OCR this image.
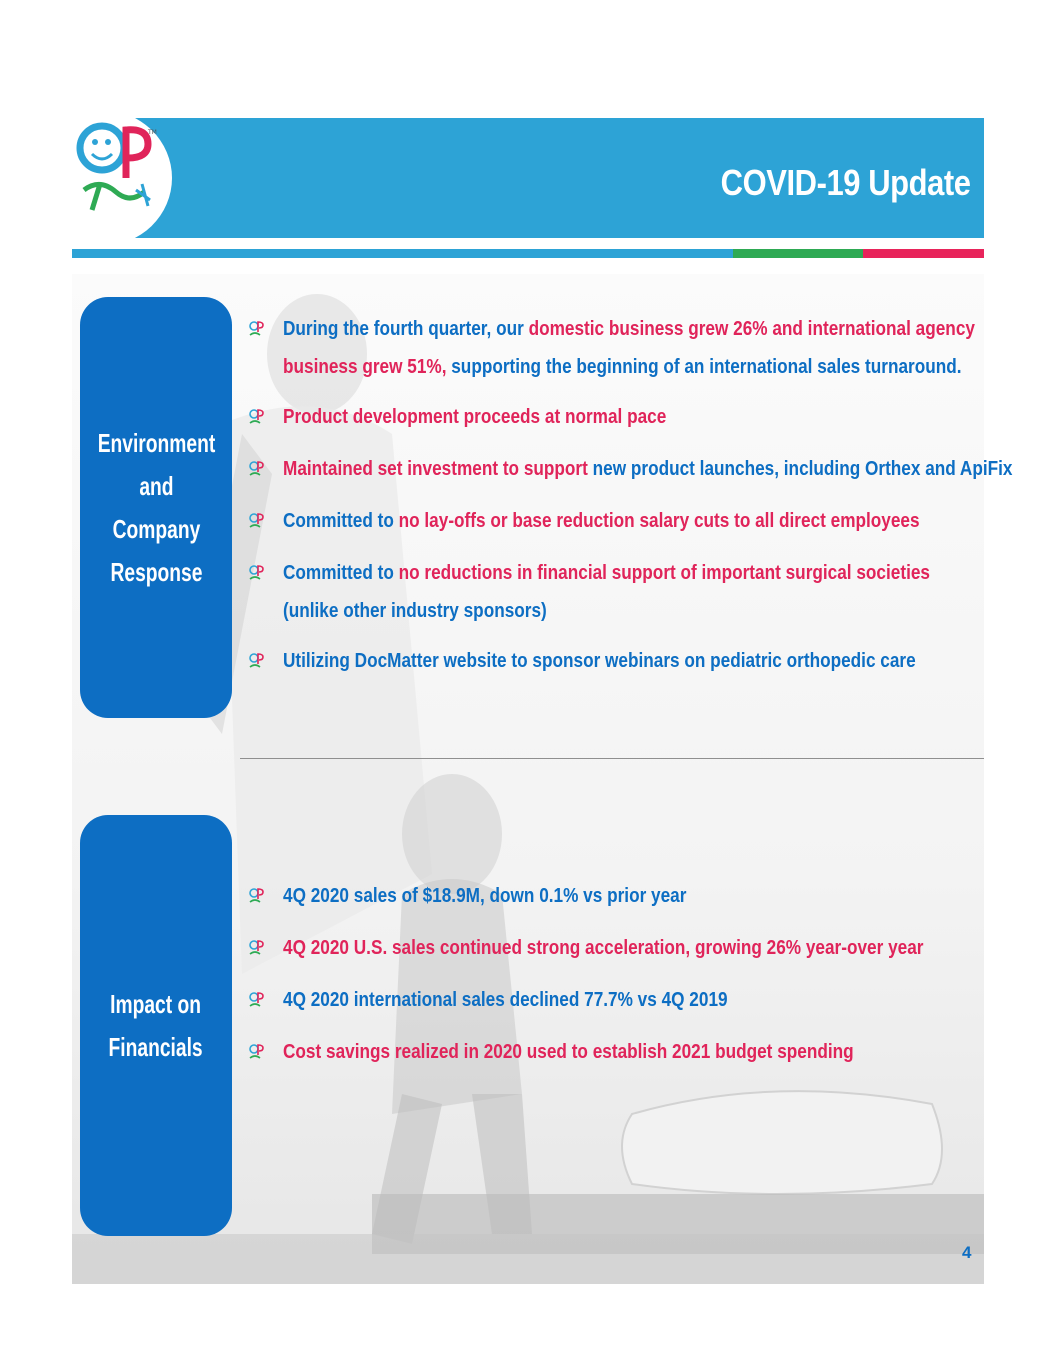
TM
COVID-19 Update
Environment
and
Company
Response
Impact on
Financials
During the fourth quarter, our domestic business grew 26% and international agency
business grew 51%, supporting the beginning of an international sales turnaround.
Product development proceeds at normal pace
Maintained set investment to support new product launches, including Orthex and ApiFix
Committed to no lay-offs or base reduction salary cuts to all direct employees
Committed to no reductions in financial support of important surgical societies
(unlike other industry sponsors)
Utilizing DocMatter website to sponsor webinars on pediatric orthopedic care
4Q 2020 sales of $18.9M, down 0.1% vs prior year
4Q 2020 U.S. sales continued strong acceleration, growing 26% year-over year
4Q 2020 international sales declined 77.7% vs 4Q 2019
Cost savings realized in 2020 used to establish 2021 budget spending
4
